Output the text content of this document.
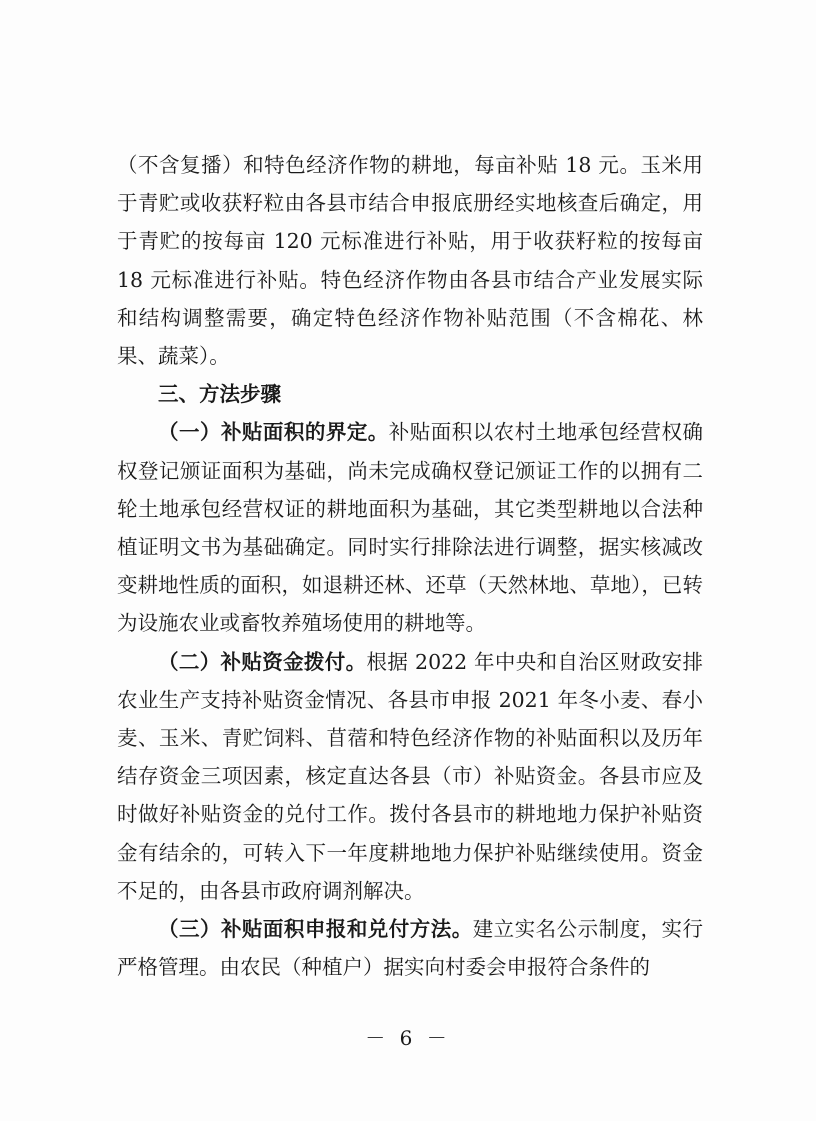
（不含复播）和特色经济作物的耕地，每亩补贴 18 元。玉米用于青贮或收获籽粒由各县市结合申报底册经实地核查后确定，用于青贮的按每亩 120 元标准进行补贴，用于收获籽粒的按每亩 18 元标准进行补贴。特色经济作物由各县市结合产业发展实际和结构调整需要，确定特色经济作物补贴范围（不含棉花、林果、蔬菜）。

三、方法步骤

（一）补贴面积的界定。补贴面积以农村土地承包经营权确权登记颁证面积为基础，尚未完成确权登记颁证工作的以拥有二轮土地承包经营权证的耕地面积为基础，其它类型耕地以合法种植证明文书为基础确定。同时实行排除法进行调整，据实核减改变耕地性质的面积，如退耕还林、还草（天然林地、草地），已转为设施农业或畜牧养殖场使用的耕地等。

（二）补贴资金拨付。根据 2022 年中央和自治区财政安排农业生产支持补贴资金情况、各县市申报 2021 年冬小麦、春小麦、玉米、青贮饲料、苜蓿和特色经济作物的补贴面积以及历年结存资金三项因素，核定直达各县（市）补贴资金。各县市应及时做好补贴资金的兑付工作。拨付各县市的耕地地力保护补贴资金有结余的，可转入下一年度耕地地力保护补贴继续使用。资金不足的，由各县市政府调剂解决。

（三）补贴面积申报和兑付方法。建立实名公示制度，实行严格管理。由农民（种植户）据实向村委会申报符合条件的

－ 6 －
